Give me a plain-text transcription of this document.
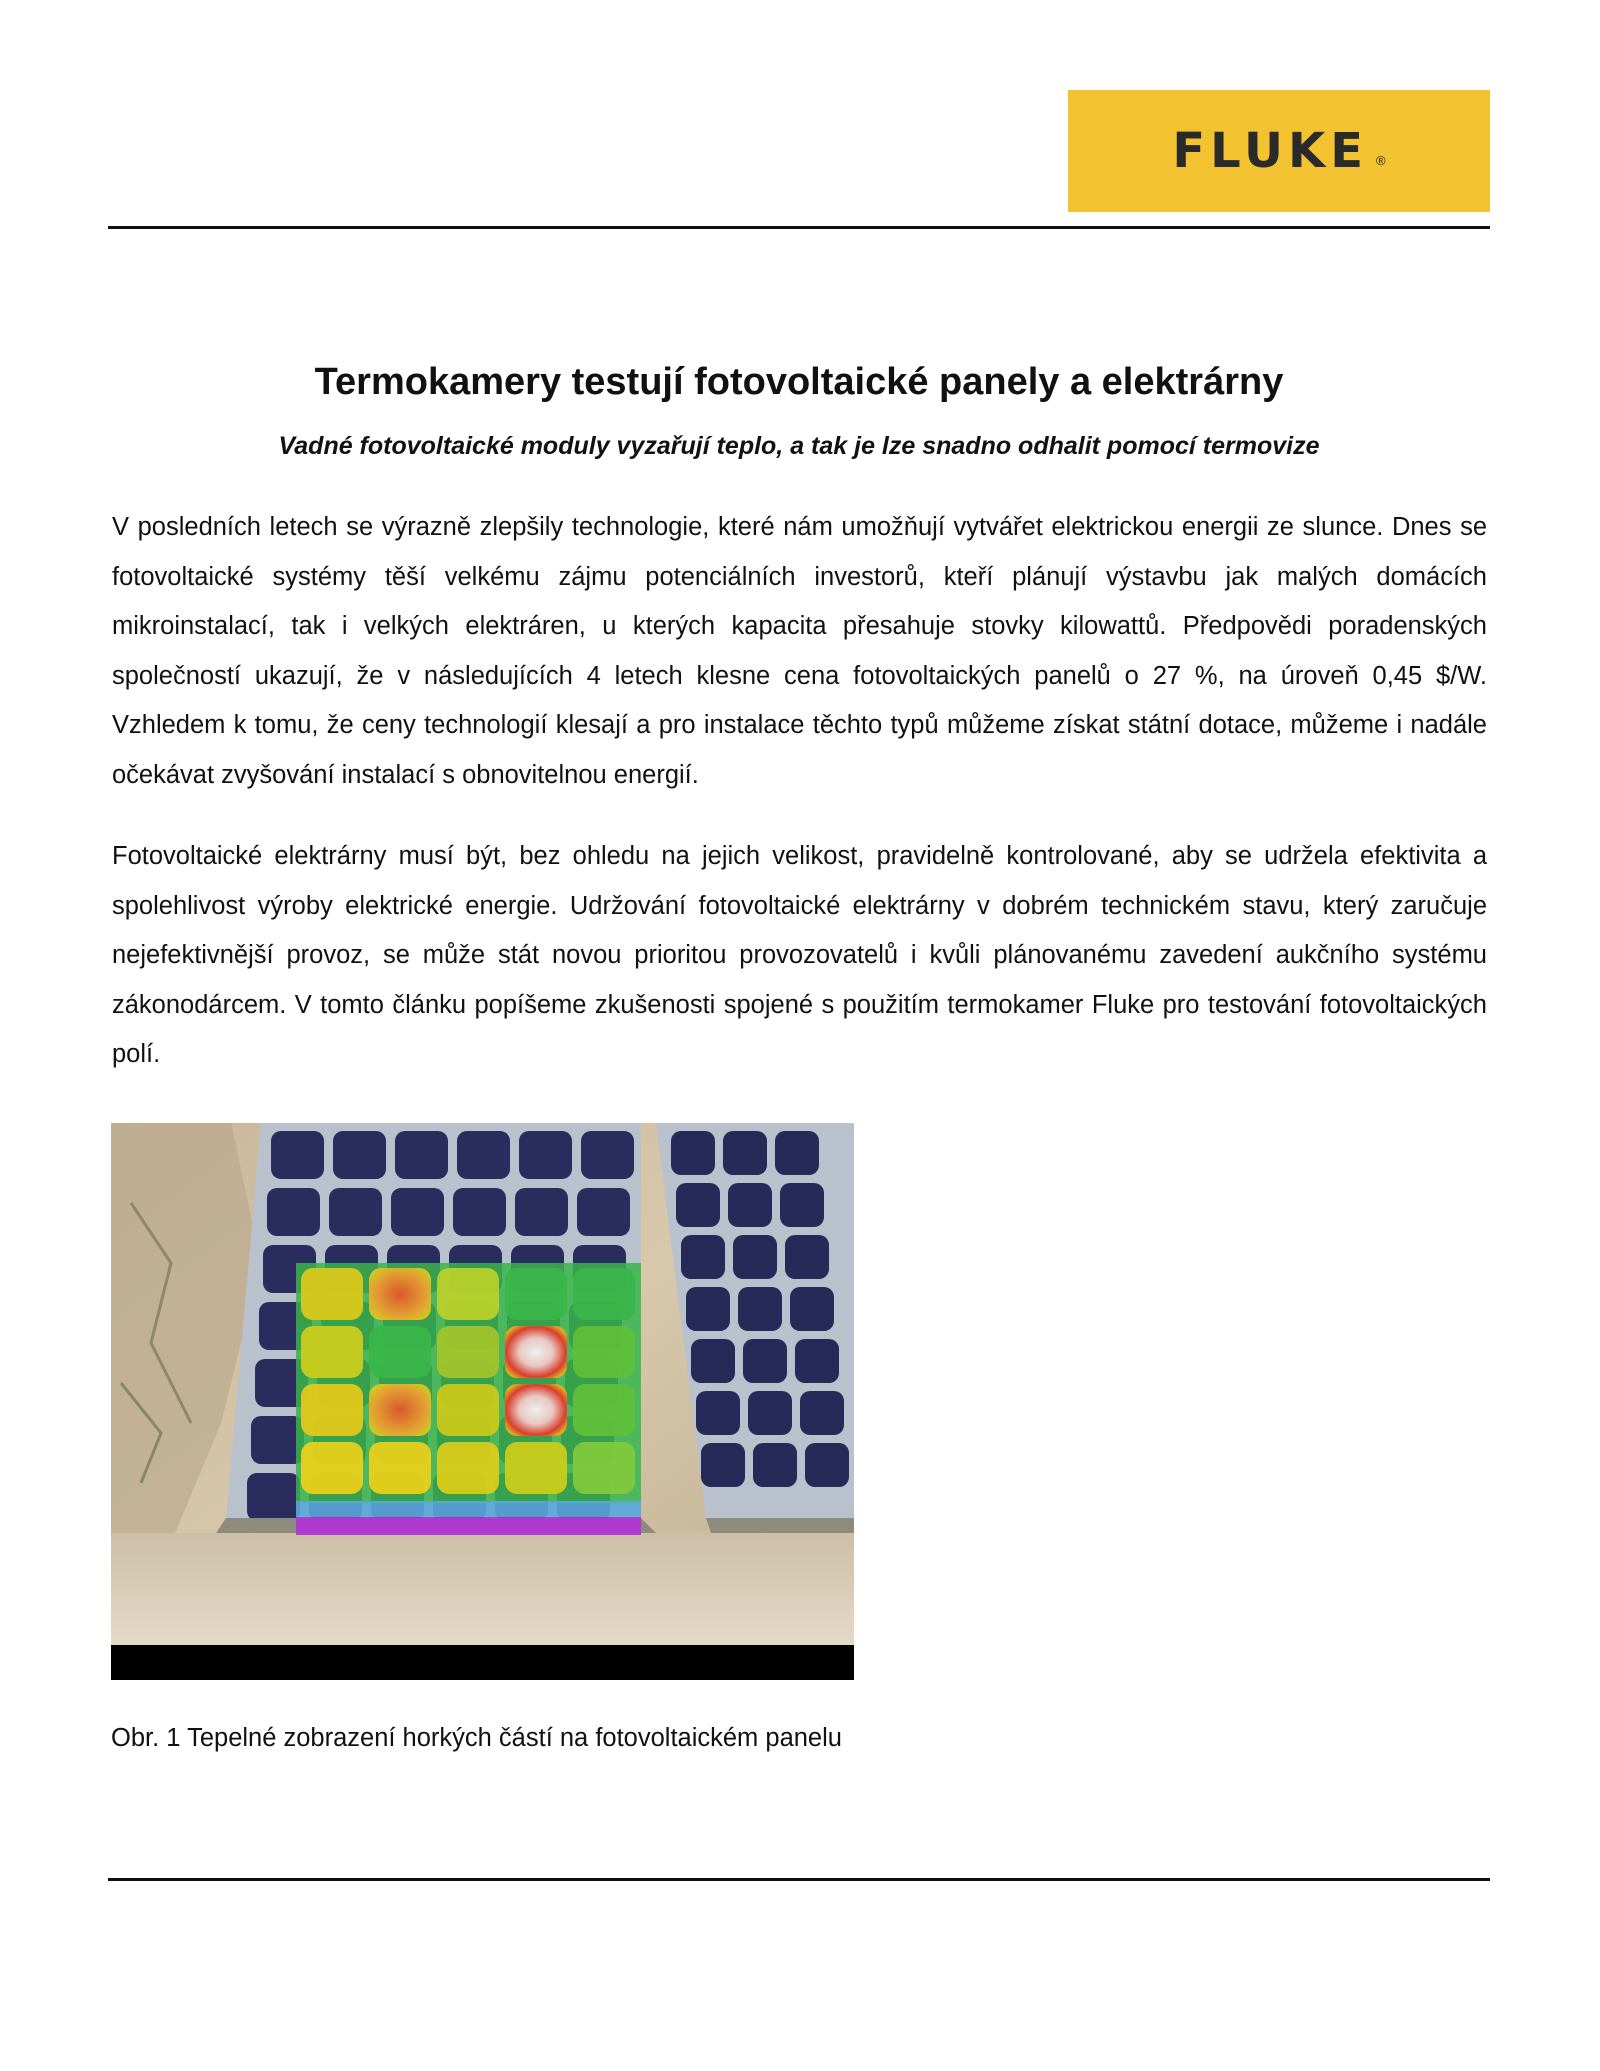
FLUKE ®
Termokamery testují fotovoltaické panely a elektrárny
Vadné fotovoltaické moduly vyzařují teplo, a tak je lze snadno odhalit pomocí termovize

V posledních letech se výrazně zlepšily technologie, které nám umožňují vytvářet elektrickou energii ze slunce. Dnes se fotovoltaické systémy těší velkému zájmu potenciálních investorů, kteří plánují výstavbu jak malých domácích mikroinstalací, tak i velkých elektráren, u kterých kapacita přesahuje stovky kilowattů. Předpovědi poradenských společností ukazují, že v následujících 4 letech klesne cena fotovoltaických panelů o 27 %, na úroveň 0,45 $/W. Vzhledem k tomu, že ceny technologií klesají a pro instalace těchto typů můžeme získat státní dotace, můžeme i nadále očekávat zvyšování instalací s obnovitelnou energií.

Fotovoltaické elektrárny musí být, bez ohledu na jejich velikost, pravidelně kontrolované, aby se udržela efektivita a spolehlivost výroby elektrické energie. Udržování fotovoltaické elektrárny v dobrém technickém stavu, který zaručuje nejefektivnější provoz, se může stát novou prioritou provozovatelů i kvůli plánovanému zavedení aukčního systému zákonodárcem. V tomto článku popíšeme zkušenosti spojené s použitím termokamer Fluke pro testování fotovoltaických polí.

Obr. 1 Tepelné zobrazení horkých částí na fotovoltaickém panelu
